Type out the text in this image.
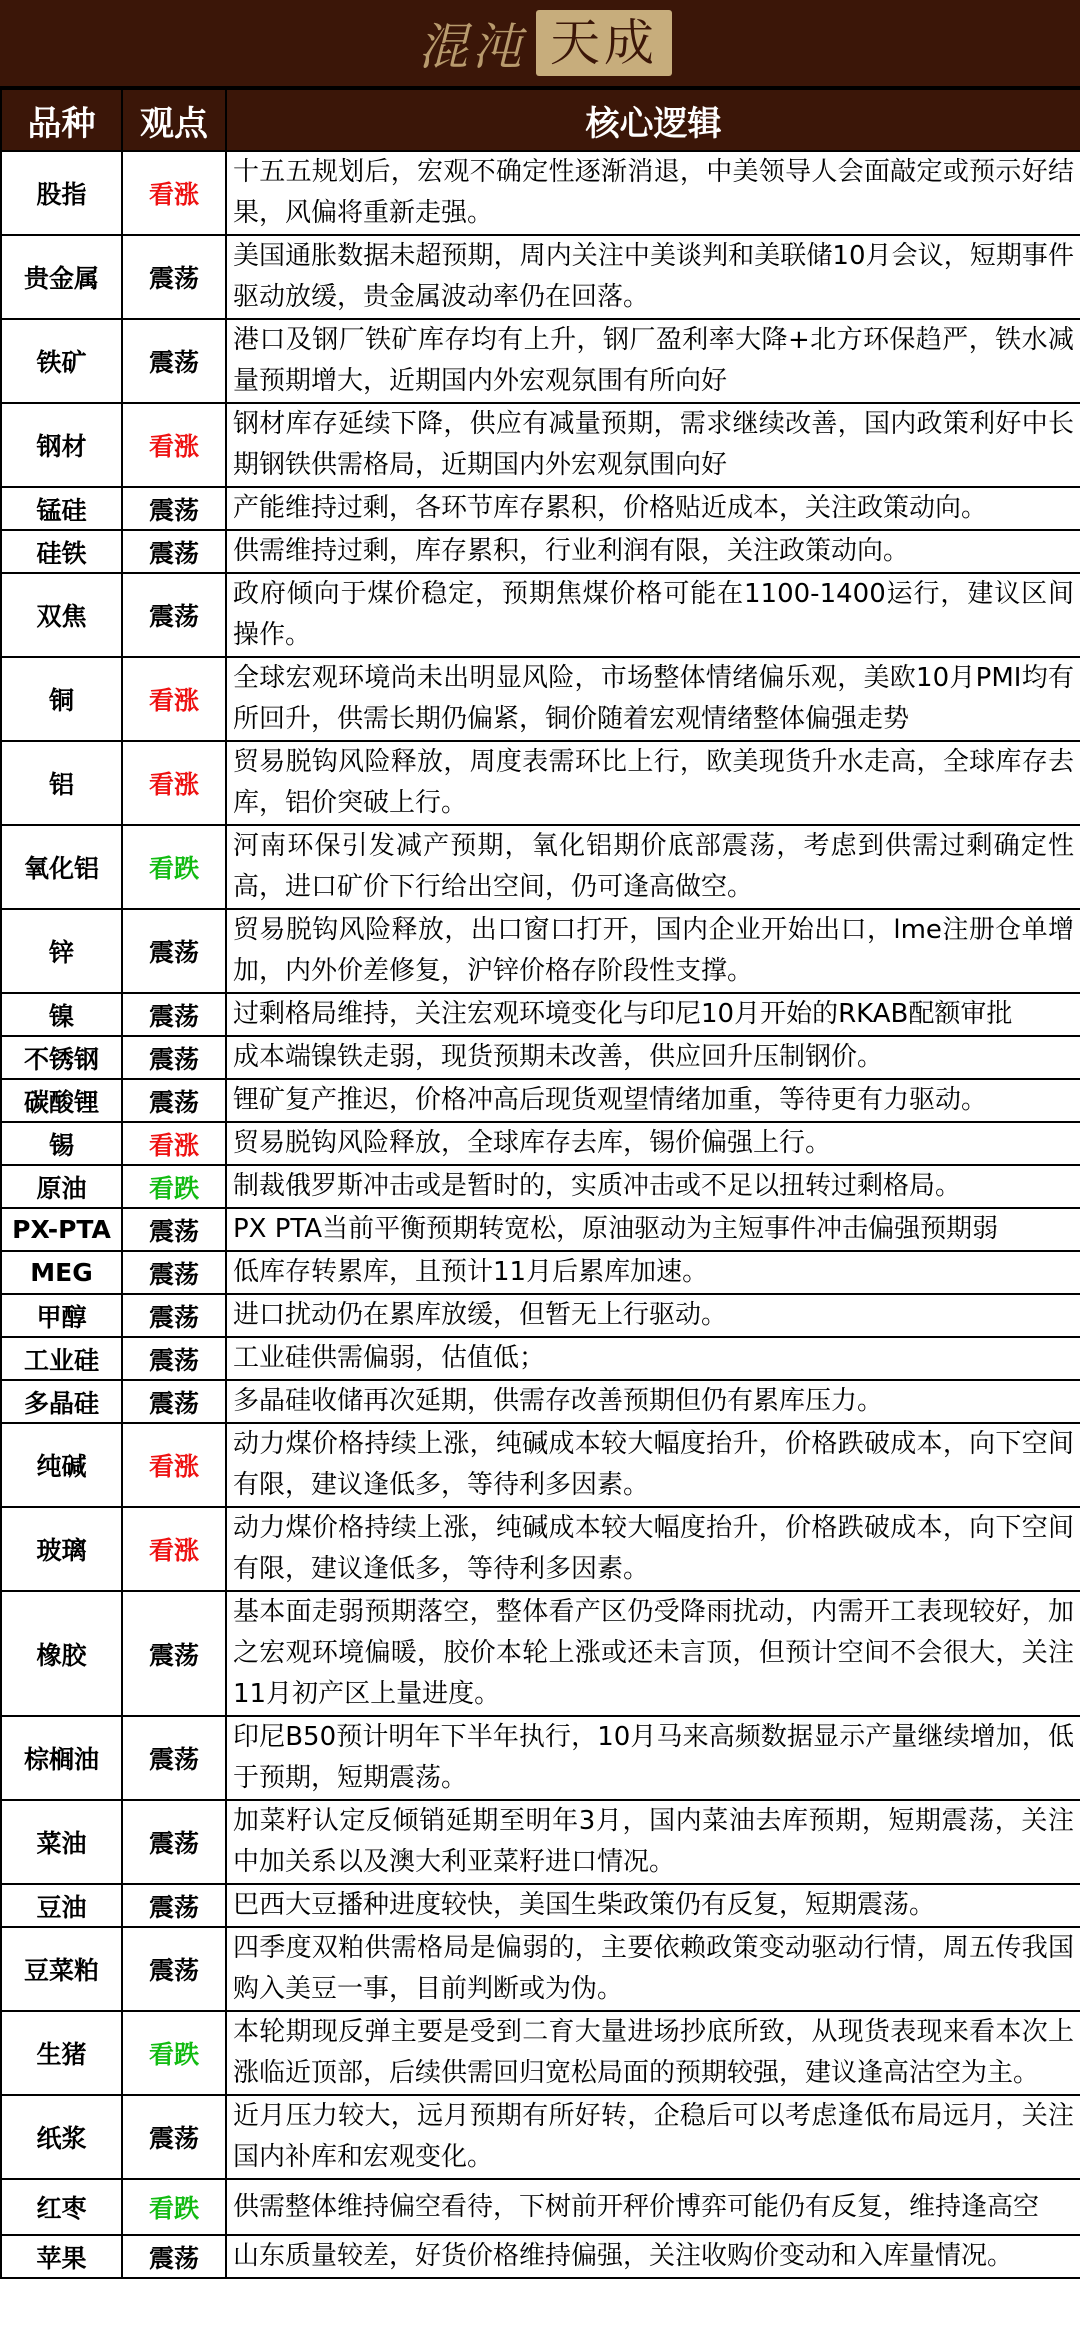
混沌 天成
品种	观点	核心逻辑
股指	看涨	十五五规划后，宏观不确定性逐渐消退，中美领导人会面敲定或预示好结果，风偏将重新走强。
贵金属	震荡	美国通胀数据未超预期，周内关注中美谈判和美联储10月会议，短期事件驱动放缓，贵金属波动率仍在回落。
铁矿	震荡	港口及钢厂铁矿库存均有上升，钢厂盈利率大降+北方环保趋严，铁水减量预期增大，近期国内外宏观氛围有所向好
钢材	看涨	钢材库存延续下降，供应有减量预期，需求继续改善，国内政策利好中长期钢铁供需格局，近期国内外宏观氛围向好
锰硅	震荡	产能维持过剩，各环节库存累积，价格贴近成本，关注政策动向。
硅铁	震荡	供需维持过剩，库存累积，行业利润有限，关注政策动向。
双焦	震荡	政府倾向于煤价稳定，预期焦煤价格可能在1100-1400运行，建议区间操作。
铜	看涨	全球宏观环境尚未出明显风险，市场整体情绪偏乐观，美欧10月PMI均有所回升，供需长期仍偏紧，铜价随着宏观情绪整体偏强走势
铝	看涨	贸易脱钩风险释放，周度表需环比上行，欧美现货升水走高，全球库存去库，铝价突破上行。
氧化铝	看跌	河南环保引发减产预期，氧化铝期价底部震荡，考虑到供需过剩确定性高，进口矿价下行给出空间，仍可逢高做空。
锌	震荡	贸易脱钩风险释放，出口窗口打开，国内企业开始出口，lme注册仓单增加，内外价差修复，沪锌价格存阶段性支撑。
镍	震荡	过剩格局维持，关注宏观环境变化与印尼10月开始的RKAB配额审批
不锈钢	震荡	成本端镍铁走弱，现货预期未改善，供应回升压制钢价。
碳酸锂	震荡	锂矿复产推迟，价格冲高后现货观望情绪加重，等待更有力驱动。
锡	看涨	贸易脱钩风险释放，全球库存去库，锡价偏强上行。
原油	看跌	制裁俄罗斯冲击或是暂时的，实质冲击或不足以扭转过剩格局。
PX-PTA	震荡	PX PTA当前平衡预期转宽松，原油驱动为主短事件冲击偏强预期弱
MEG	震荡	低库存转累库，且预计11月后累库加速。
甲醇	震荡	进口扰动仍在累库放缓，但暂无上行驱动。
工业硅	震荡	工业硅供需偏弱，估值低；
多晶硅	震荡	多晶硅收储再次延期，供需存改善预期但仍有累库压力。
纯碱	看涨	动力煤价格持续上涨，纯碱成本较大幅度抬升，价格跌破成本，向下空间有限，建议逢低多，等待利多因素。
玻璃	看涨	动力煤价格持续上涨，纯碱成本较大幅度抬升，价格跌破成本，向下空间有限，建议逢低多，等待利多因素。
橡胶	震荡	基本面走弱预期落空，整体看产区仍受降雨扰动，内需开工表现较好，加之宏观环境偏暖，胶价本轮上涨或还未言顶，但预计空间不会很大，关注11月初产区上量进度。
棕榈油	震荡	印尼B50预计明年下半年执行，10月马来高频数据显示产量继续增加，低于预期，短期震荡。
菜油	震荡	加菜籽认定反倾销延期至明年3月，国内菜油去库预期，短期震荡，关注中加关系以及澳大利亚菜籽进口情况。
豆油	震荡	巴西大豆播种进度较快，美国生柴政策仍有反复，短期震荡。
豆菜粕	震荡	四季度双粕供需格局是偏弱的，主要依赖政策变动驱动行情，周五传我国购入美豆一事，目前判断或为伪。
生猪	看跌	本轮期现反弹主要是受到二育大量进场抄底所致，从现货表现来看本次上涨临近顶部，后续供需回归宽松局面的预期较强，建议逢高沽空为主。
纸浆	震荡	近月压力较大，远月预期有所好转，企稳后可以考虑逢低布局远月，关注国内补库和宏观变化。
红枣	看跌	供需整体维持偏空看待，下树前开秤价博弈可能仍有反复，维持逢高空
苹果	震荡	山东质量较差，好货价格维持偏强，关注收购价变动和入库量情况。
